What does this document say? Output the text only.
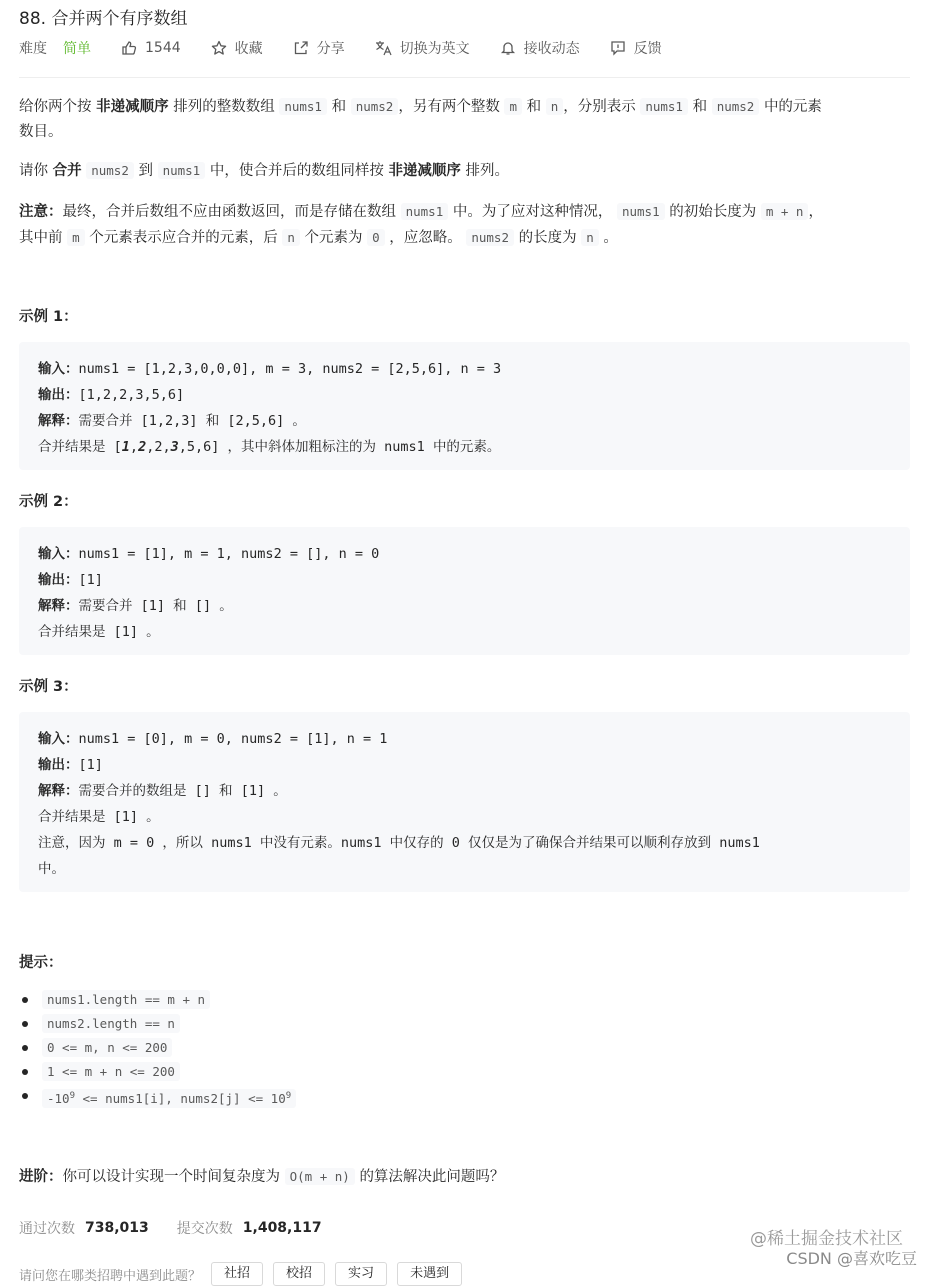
88. 合并两个有序数组
难度 简单	1544	收藏	分享	切换为英文	接收动态	反馈
给你两个按 非递减顺序 排列的整数数组 nums1 和 nums2 ，另有两个整数 m 和 n ，分别表示 nums1 和 nums2 中的元素
数目。
请你 合并 nums2 到 nums1 中，使合并后的数组同样按 非递减顺序 排列。
注意：最终，合并后数组不应由函数返回，而是存储在数组 nums1 中。为了应对这种情况， nums1 的初始长度为 m + n ，
其中前 m 个元素表示应合并的元素，后 n 个元素为 0 ，应忽略。 nums2 的长度为 n 。
示例 1：
输入：nums1 = [1,2,3,0,0,0], m = 3, nums2 = [2,5,6], n = 3
输出：[1,2,2,3,5,6]
解释：需要合并 [1,2,3] 和 [2,5,6] 。
合并结果是 [1,2,2,3,5,6] ，其中斜体加粗标注的为 nums1 中的元素。
示例 2：
输入：nums1 = [1], m = 1, nums2 = [], n = 0
输出：[1]
解释：需要合并 [1] 和 [] 。
合并结果是 [1] 。
示例 3：
输入：nums1 = [0], m = 0, nums2 = [1], n = 1
输出：[1]
解释：需要合并的数组是 [] 和 [1] 。
合并结果是 [1] 。
注意，因为 m = 0 ，所以 nums1 中没有元素。nums1 中仅存的 0 仅仅是为了确保合并结果可以顺利存放到 nums1
中。
提示：
nums1.length == m + n
nums2.length == n
0 <= m, n <= 200
1 <= m + n <= 200
$-10^9$ <= nums1[i], nums2[j] <= $10^9$
进阶：你可以设计实现一个时间复杂度为 O(m + n) 的算法解决此问题吗？
通过次数 738,013 提交次数 1,408,117
请问您在哪类招聘中遇到此题？	社招	校招	实习	未遇到
@稀土掘金技术社区
CSDN @喜欢吃豆
